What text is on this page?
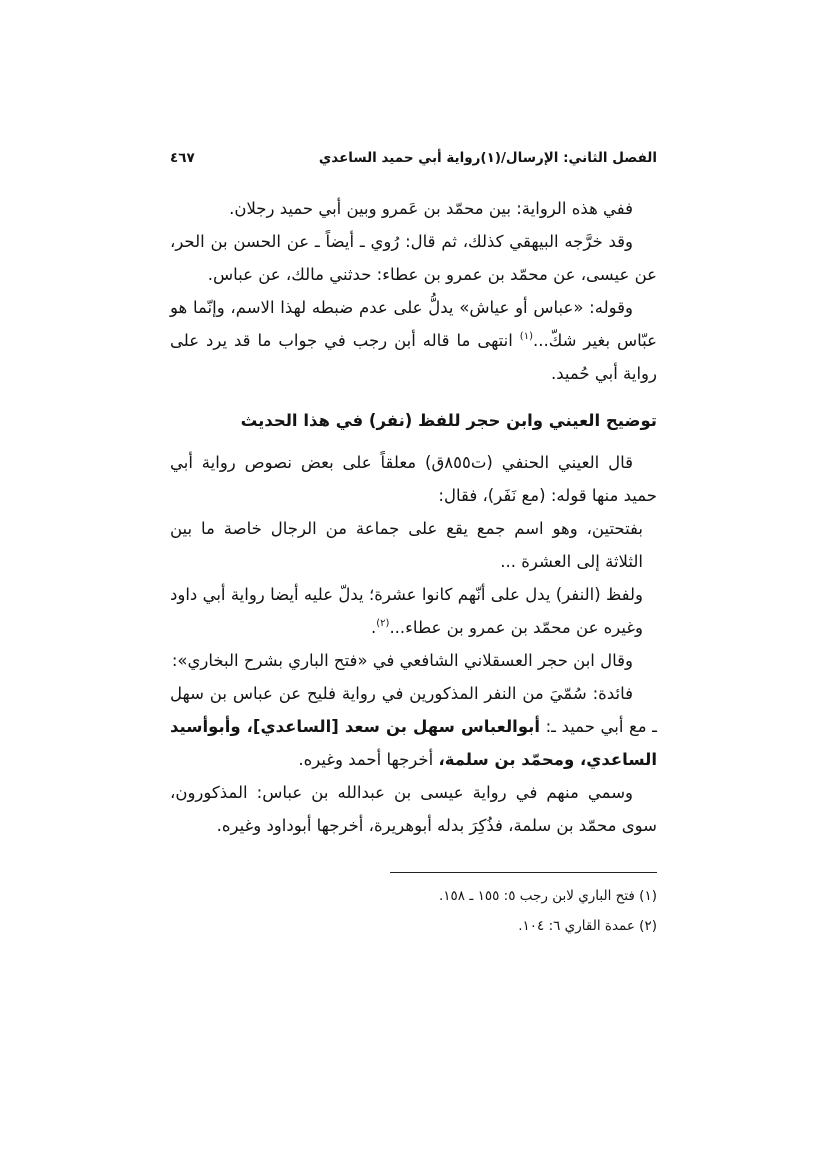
الفصل الثاني: الإرسال/(١)رواية أبي حميد الساعدي
٤٦٧

ففي هذه الرواية: بين محمّد بن عَمرو وبين أبي حميد رجلان.

وقد خرَّجه البيهقي كذلك، ثم قال: رُوي ـ أيضاً ـ عن الحسن بن الحر، عن عيسى، عن محمّد بن عمرو بن عطاء: حدثني مالك، عن عباس.

وقوله: «عباس أو عياش» يدلُّ على عدم ضبطه لهذا الاسم، وإنّما هو عبّاس بغير شكّ...$^{(١)}$ انتهى ما قاله أبن رجب في جواب ما قد يرد على رواية أبي حُميد.

توضيح العيني وابن حجر للفظ (نفر) في هذا الحديث

قال العيني الحنفي (ت٨٥٥ق) معلقاً على بعض نصوص رواية أبي حميد منها قوله: (مع نَفَر)، فقال:

بفتحتين، وهو اسم جمع يقع على جماعة من الرجال خاصة ما بين الثلاثة إلى العشرة ...

ولفظ (النفر) يدل على أنّهم كانوا عشرة؛ يدلّ عليه أيضا رواية أبي داود وغيره عن محمّد بن عمرو بن عطاء...$^{(٢)}$.

وقال ابن حجر العسقلاني الشافعي في «فتح الباري بشرح البخاري»:

فائدة: سُمّيَ من النفر المذكورين في رواية فليح عن عباس بن سهل ـ مع أبي حميد ـ: أبوالعباس سهل بن سعد [الساعدي]، وأبوأسيد الساعدي، ومحمّد بن سلمة، أخرجها أحمد وغيره.

وسمي منهم في رواية عيسى بن عبدالله بن عباس: المذكورون، سوى محمّد بن سلمة، فذُكِرَ بدله أبوهريرة، أخرجها أبوداود وغيره.

(١) فتح الباري لابن رجب ٥: ١٥٥ ـ ١٥٨.

(٢) عمدة القاري ٦: ١٠٤.
